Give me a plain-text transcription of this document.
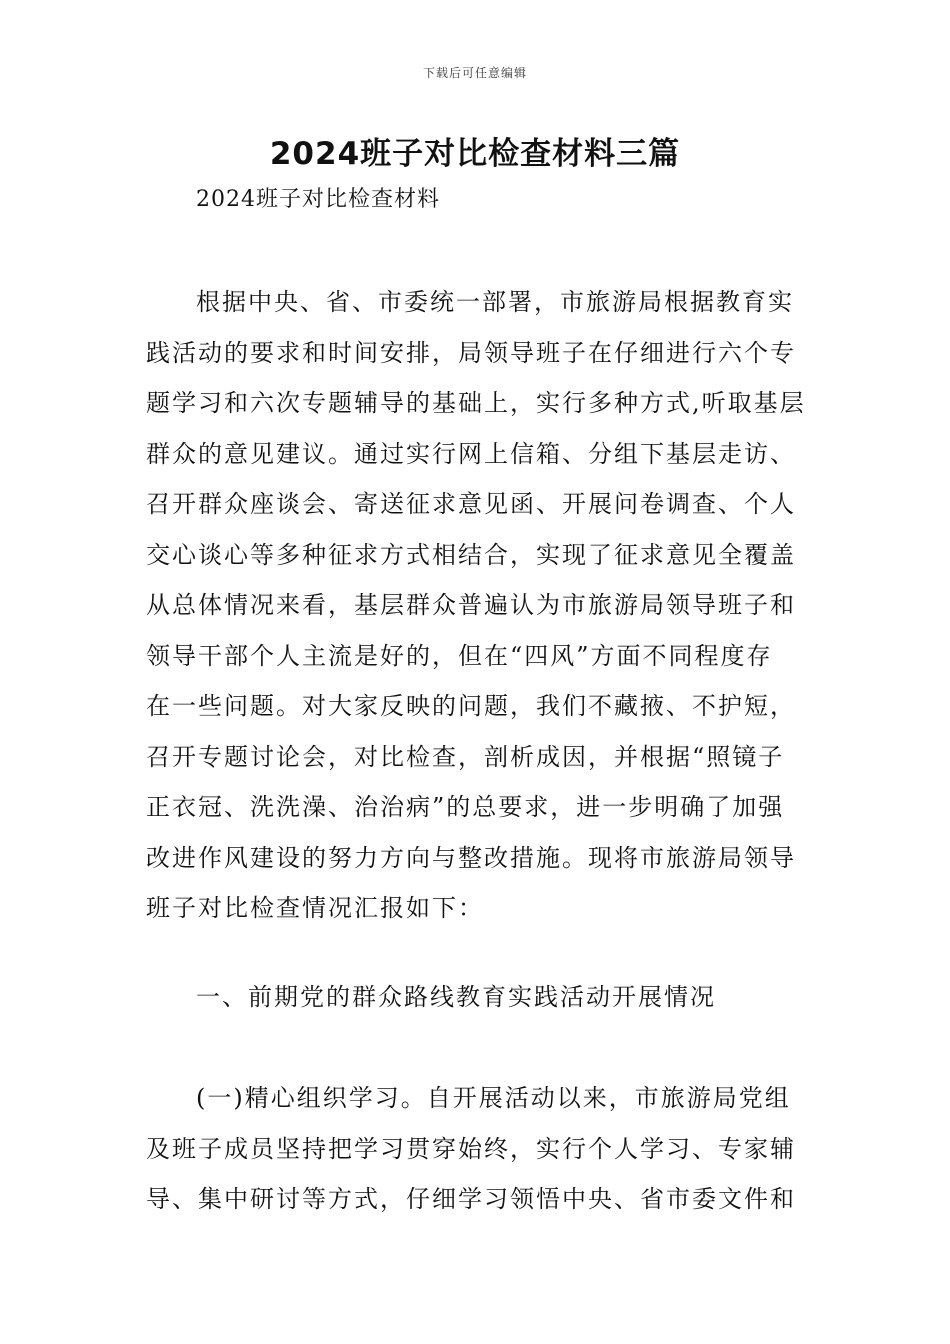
下载后可任意编辑
2024班子对比检查材料三篇
2024班子对比检查材料
根据中央、省、市委统一部署，市旅游局根据教育实
践活动的要求和时间安排，局领导班子在仔细进行六个专
题学习和六次专题辅导的基础上，实行多种方式,听取基层
群众的意见建议。通过实行网上信箱、分组下基层走访、
召开群众座谈会、寄送征求意见函、开展问卷调查、个人
交心谈心等多种征求方式相结合，实现了征求意见全覆盖
从总体情况来看，基层群众普遍认为市旅游局领导班子和
领导干部个人主流是好的，但在“四风”方面不同程度存
在一些问题。对大家反映的问题，我们不藏掖、不护短，
召开专题讨论会，对比检查，剖析成因，并根据“照镜子
正衣冠、洗洗澡、治治病”的总要求，进一步明确了加强
改进作风建设的努力方向与整改措施。现将市旅游局领导
班子对比检查情况汇报如下：
一、前期党的群众路线教育实践活动开展情况
(一)精心组织学习。自开展活动以来，市旅游局党组
及班子成员坚持把学习贯穿始终，实行个人学习、专家辅
导、集中研讨等方式，仔细学习领悟中央、省市委文件和
